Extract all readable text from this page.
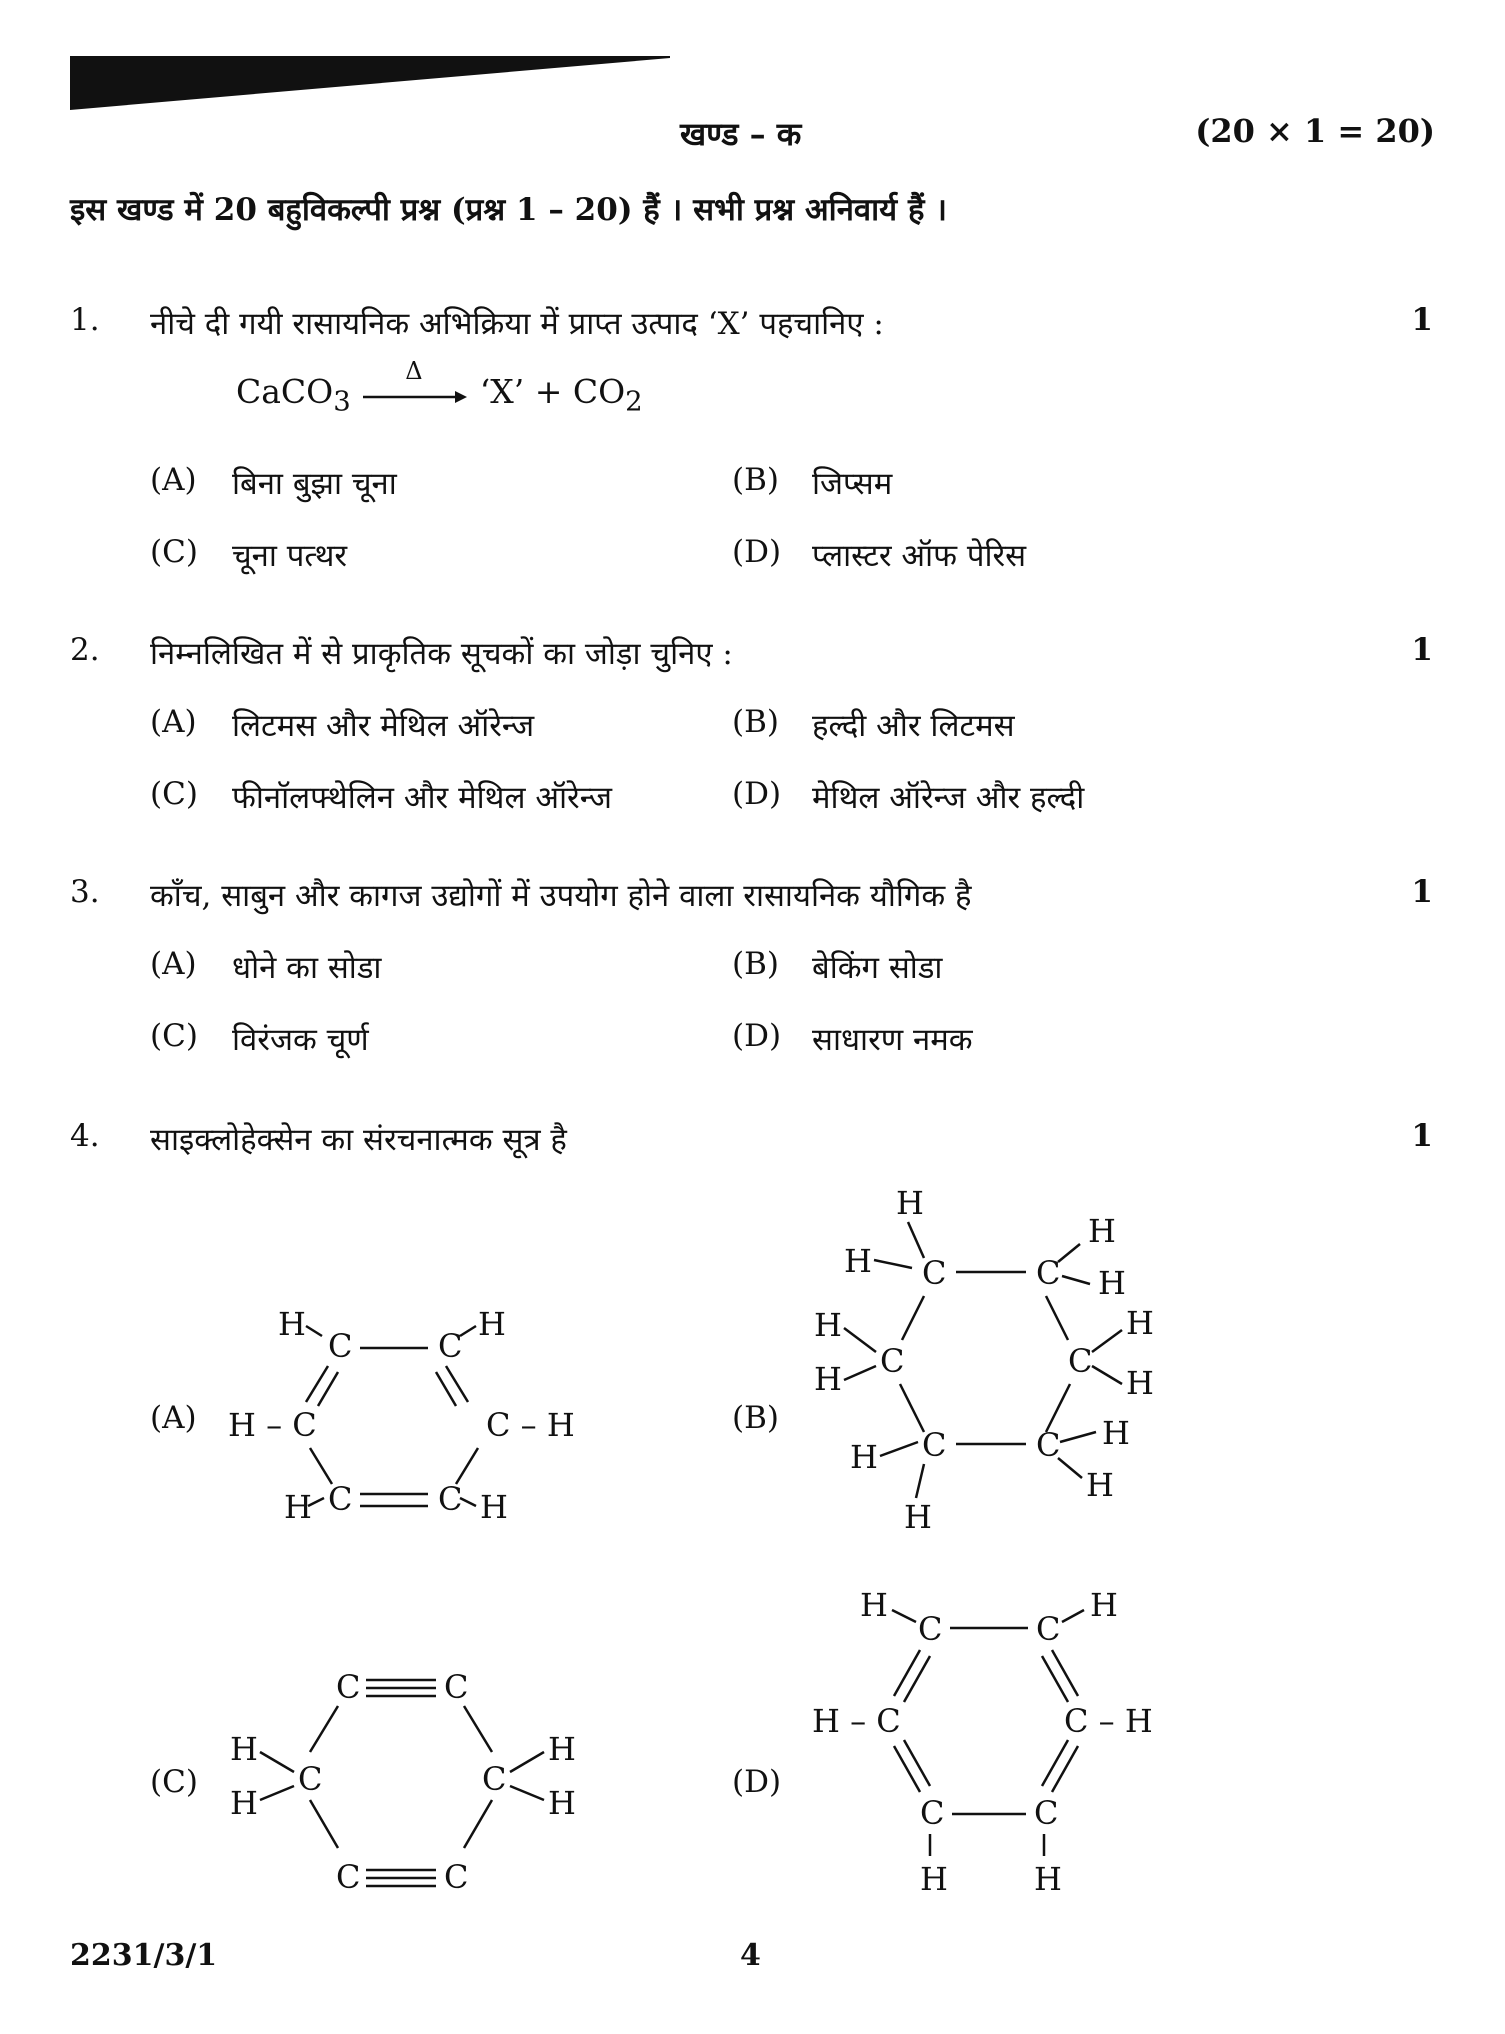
खण्ड – क	(20 × 1 = 20)
इस खण्ड में 20 बहुविकल्पी प्रश्न (प्रश्न 1 – 20) हैं । सभी प्रश्न अनिवार्य हैं ।
1. नीचे दी गयी रासायनिक अभिक्रिया में प्राप्त उत्पाद ‘X’ पहचानिए :	1
CaCO$_3$
Δ
‘X’ + $CO_2$
(A) बिना बुझा चूना	(B) जिप्सम
(C) चूना पत्थर	(D) प्लास्टर ऑफ पेरिस
2. निम्नलिखित में से प्राकृतिक सूचकों का जोड़ा चुनिए :	1
(A) लिटमस और मेथिल ऑरेन्ज	(B) हल्दी और लिटमस
(C) फीनॉलफ्थेलिन और मेथिल ऑरेन्ज	(D) मेथिल ऑरेन्ज और हल्दी
3. काँच, साबुन और कागज उद्योगों में उपयोग होने वाला रासायनिक यौगिक है	1
(A) धोने का सोडा	(B) बेकिंग सोडा
(C) विरंजक चूर्ण	(D) साधारण नमक
4. साइक्लोहेक्सेन का संरचनात्मक सूत्र है	1
(A)	(B)
(C)	(D)
H
C	C
H
H – C	C – H
H C	C H
H
H C	C
H
H
H
H C	C
H
H
H C	C H
H
H
C	C
H
H
C	C
H
H
C	C
H
C	C
H
H – C	C – H
C	C
H	H
2231/3/1	4
